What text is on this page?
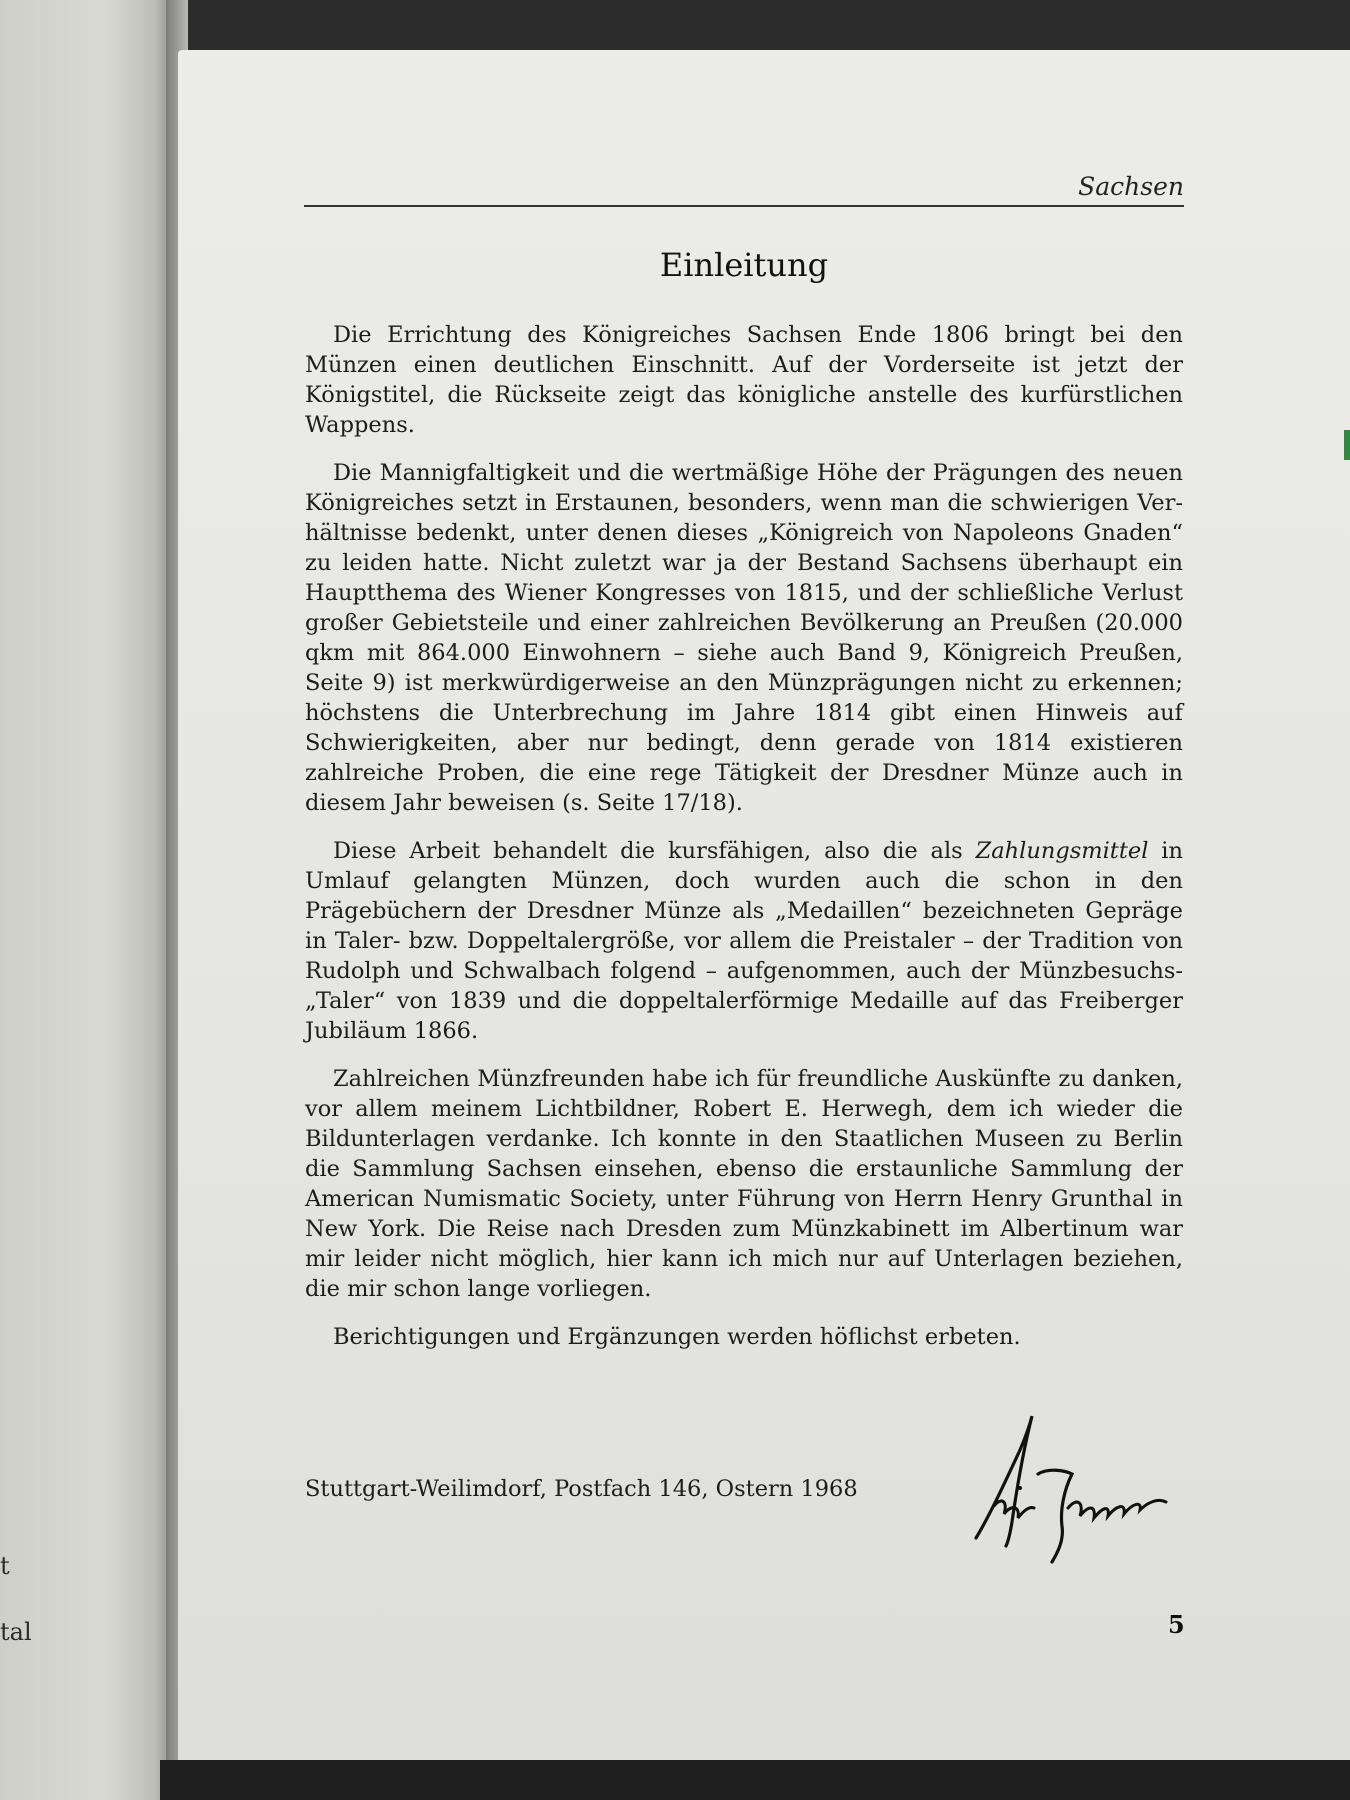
t
tal
Sachsen
Einleitung

Die Errichtung des Königreiches Sachsen Ende 1806 bringt bei den Münzen einen deutlichen Einschnitt. Auf der Vorderseite ist jetzt der Königstitel, die Rückseite zeigt das königliche anstelle des kurfürstlichen Wappens.

Die Mannigfaltigkeit und die wertmäßige Höhe der Prägungen des neuen Königreiches setzt in Erstaunen, besonders, wenn man die schwierigen Verhältnisse bedenkt, unter denen dieses „Königreich von Napoleons Gnaden“ zu leiden hatte. Nicht zuletzt war ja der Bestand Sachsens überhaupt ein Hauptthema des Wiener Kongresses von 1815, und der schließliche Verlust großer Gebietsteile und einer zahlreichen Bevölkerung an Preußen (20.000 qkm mit 864.000 Einwohnern – siehe auch Band 9, Königreich Preußen, Seite 9) ist merkwürdigerweise an den Münzprägungen nicht zu erkennen; höchstens die Unterbrechung im Jahre 1814 gibt einen Hinweis auf Schwierigkeiten, aber nur bedingt, denn gerade von 1814 existieren zahlreiche Proben, die eine rege Tätigkeit der Dresdner Münze auch in diesem Jahr beweisen (s. Seite 17/18).

Diese Arbeit behandelt die kursfähigen, also die als Zahlungsmittel in Umlauf gelangten Münzen, doch wurden auch die schon in den Prägebüchern der Dresdner Münze als „Medaillen“ bezeichneten Gepräge in Taler- bzw. Doppeltalergröße, vor allem die Preistaler – der Tradition von Rudolph und Schwalbach folgend – aufgenommen, auch der Münzbesuchs-„Taler“ von 1839 und die doppeltalerförmige Medaille auf das Freiberger Jubiläum 1866.

Zahlreichen Münzfreunden habe ich für freundliche Auskünfte zu danken, vor allem meinem Lichtbildner, Robert E. Herwegh, dem ich wieder die Bildunterlagen verdanke. Ich konnte in den Staatlichen Museen zu Berlin die Sammlung Sachsen einsehen, ebenso die erstaunliche Sammlung der American Numismatic Society, unter Führung von Herrn Henry Grunthal in New York. Die Reise nach Dresden zum Münzkabinett im Albertinum war mir leider nicht möglich, hier kann ich mich nur auf Unterlagen beziehen, die mir schon lange vorliegen.

Berichtigungen und Ergänzungen werden höflichst erbeten.

Stuttgart-Weilimdorf, Postfach 146, Ostern 1968
5
